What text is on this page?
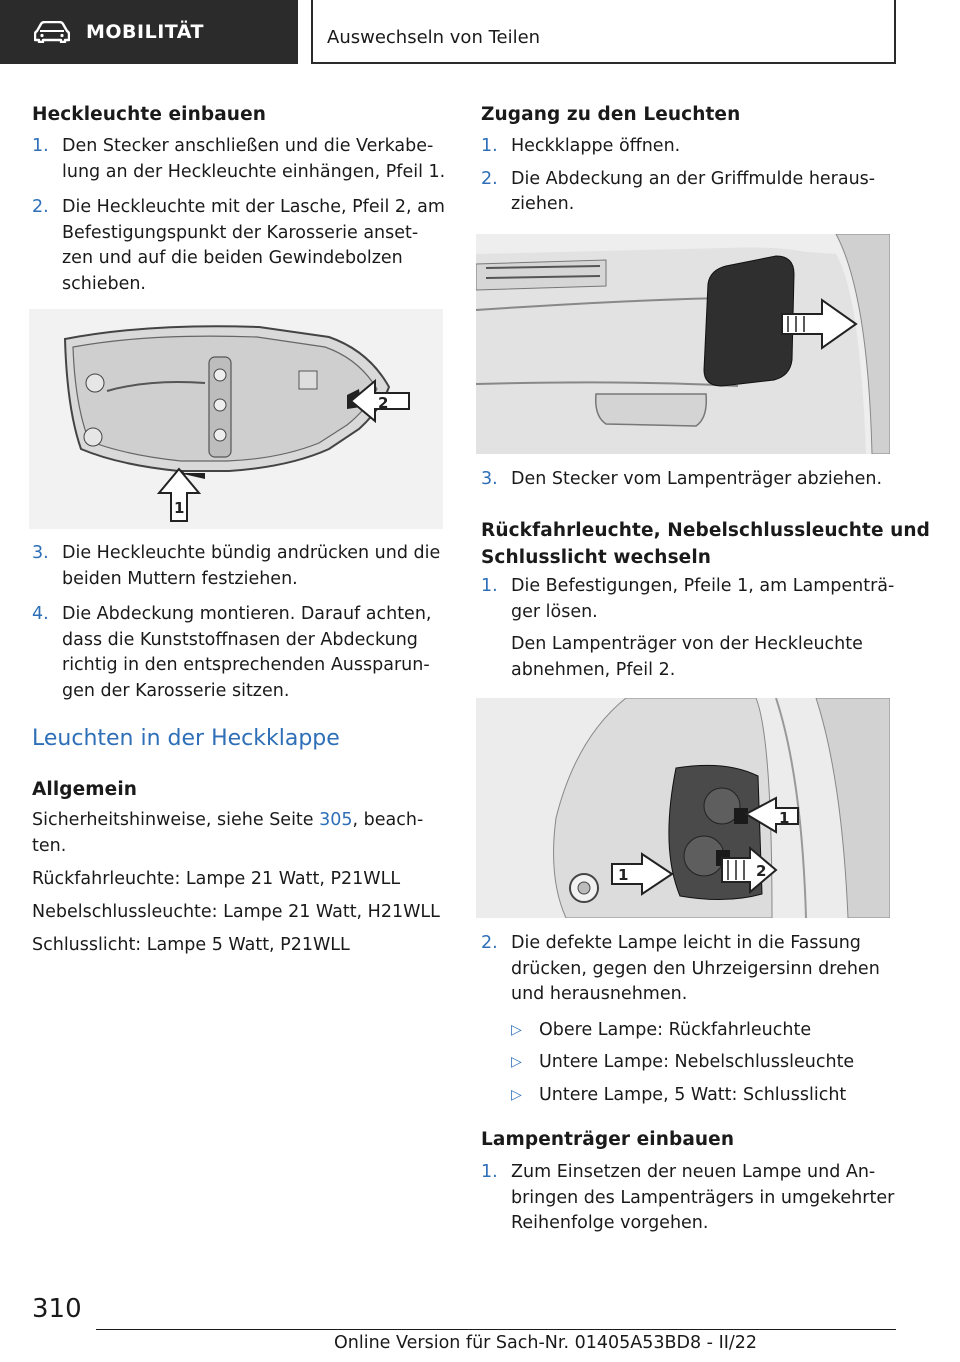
MOBILITÄT	Auswechseln von Teilen
Heckleuchte einbauen
1. Den Stecker anschließen und die Verkabe-lung an der Heckleuchte einhängen, Pfeil 1.
2. Die Heckleuchte mit der Lasche, Pfeil 2, am Befestigungspunkt der Karosserie anset-zen und auf die beiden Gewindebolzen schieben.
2
1
3. Die Heckleuchte bündig andrücken und die beiden Muttern festziehen.
4. Die Abdeckung montieren. Darauf achten, dass die Kunststoffnasen der Abdeckung richtig in den entsprechenden Aussparun-gen der Karosserie sitzen.
Leuchten in der Heckklappe
Allgemein
Sicherheitshinweise, siehe Seite 305, beach-ten.
Rückfahrleuchte: Lampe 21 Watt, P21WLL
Nebelschlussleuchte: Lampe 21 Watt, H21WLL
Schlusslicht: Lampe 5 Watt, P21WLL
Zugang zu den Leuchten
1. Heckklappe öffnen.
2. Die Abdeckung an der Griffmulde heraus-ziehen.
3. Den Stecker vom Lampenträger abziehen.
Rückfahrleuchte, Nebelschlussleuchte und
Schlusslicht wechseln
1. Die Befestigungen, Pfeile 1, am Lampenträ-ger lösen.
Den Lampenträger von der Heckleuchte abnehmen, Pfeil 2.
1
1	2
2. Die defekte Lampe leicht in die Fassung drücken, gegen den Uhrzeigersinn drehen und herausnehmen.
▷ Obere Lampe: Rückfahrleuchte
▷ Untere Lampe: Nebelschlussleuchte
▷ Untere Lampe, 5 Watt: Schlusslicht
Lampenträger einbauen
1. Zum Einsetzen der neuen Lampe und An-bringen des Lampenträgers in umgekehrter Reihenfolge vorgehen.
310
Online Version für Sach-Nr. 01405A53BD8 - II/22
